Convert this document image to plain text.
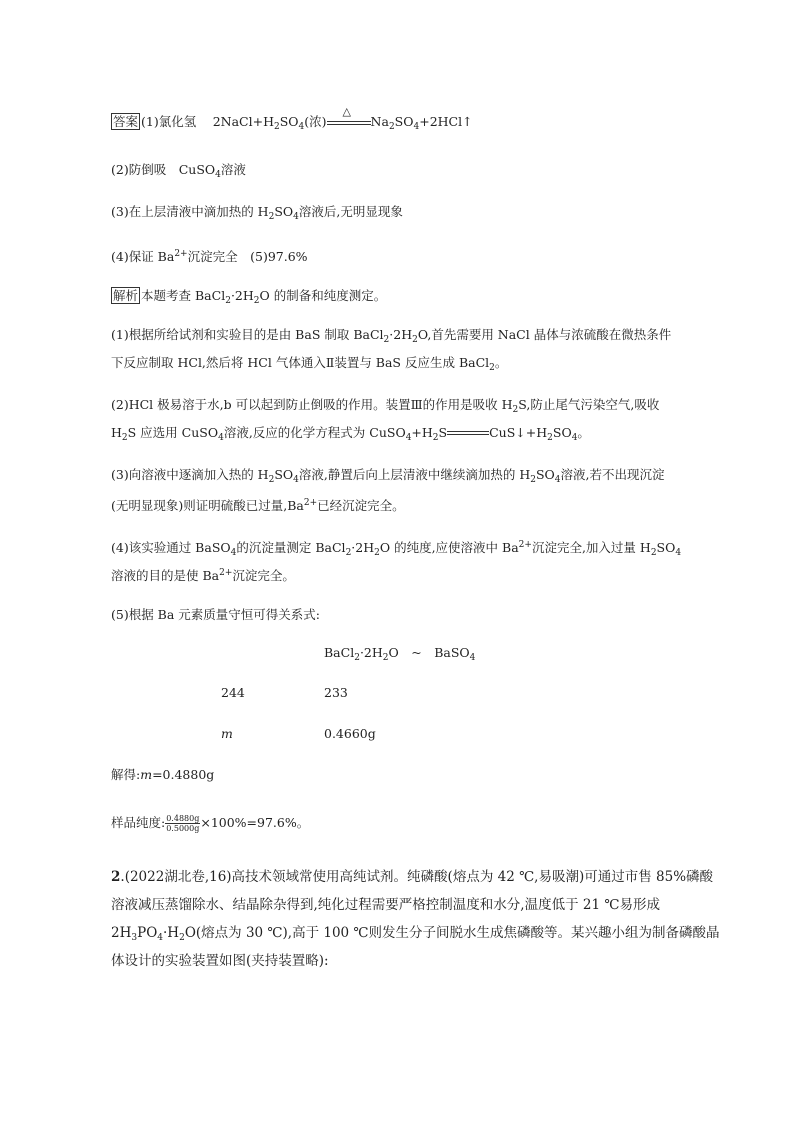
答案 (1)氯化氢　 $2NaCl+H_2SO_4$(浓)
△
$Na_2SO_4+2HCl↑$
(2)防倒吸　CuSO$_4$溶液
(3)在上层清液中滴加热的 $H_2SO_4$溶液后,无明显现象
(4)保证 $Ba^{2+}$沉淀完全　(5)97.6%
解析 本题考查 $BaCl_2\cdot 2H_2O$ 的制备和纯度测定。
(1)根据所给试剂和实验目的是由 BaS 制取 $BaCl_2\cdot 2H_2O$,首先需要用 NaCl 晶体与浓硫酸在微热条件
下反应制取 HCl,然后将 HCl 气体通入Ⅱ装置与 BaS 反应生成 BaCl$_2$。
(2)HCl 极易溶于水,b 可以起到防止倒吸的作用。装置Ⅲ的作用是吸收 $H_2S$,防止尾气污染空气,吸收
$H_2S$ 应选用 CuSO$_4$溶液,反应的化学方程式为 $CuSO_4+H_2S$	$CuS↓+H_2SO_4$。
(3)向溶液中逐滴加入热的 $H_2SO_4$溶液,静置后向上层清液中继续滴加热的 $H_2SO_4$溶液,若不出现沉淀
(无明显现象)则证明硫酸已过量$,Ba^{2+}$已经沉淀完全。
(4)该实验通过 BaSO$_4$的沉淀量测定 $BaCl_2\cdot 2H_2O$ 的纯度,应使溶液中 $Ba^{2+}$沉淀完全,加入过量 $H_2SO_4$
溶液的目的是使 $Ba^{2+}$沉淀完全。
(5)根据 Ba 元素质量守恒可得关系式:
$BaCl_2\cdot 2H_2O$　~　BaSO$_4$
244	233
m	0.4660g
解得:m=0.4880g
样品纯度: $\frac{0.4880g}{0.5000g} \times 100\%=97.6\%$。
2.(2022湖北卷,16)高技术领域常使用高纯试剂。纯磷酸(熔点为 42 ℃,易吸潮)可通过市售 85%磷酸
溶液减压蒸馏除水、结晶除杂得到,纯化过程需要严格控制温度和水分,温度低于 21 ℃易形成
$2H_3PO_4\cdot H_2O$(熔点为 30 ℃),高于 100 ℃则发生分子间脱水生成焦磷酸等。某兴趣小组为制备磷酸晶
体设计的实验装置如图(夹持装置略):
